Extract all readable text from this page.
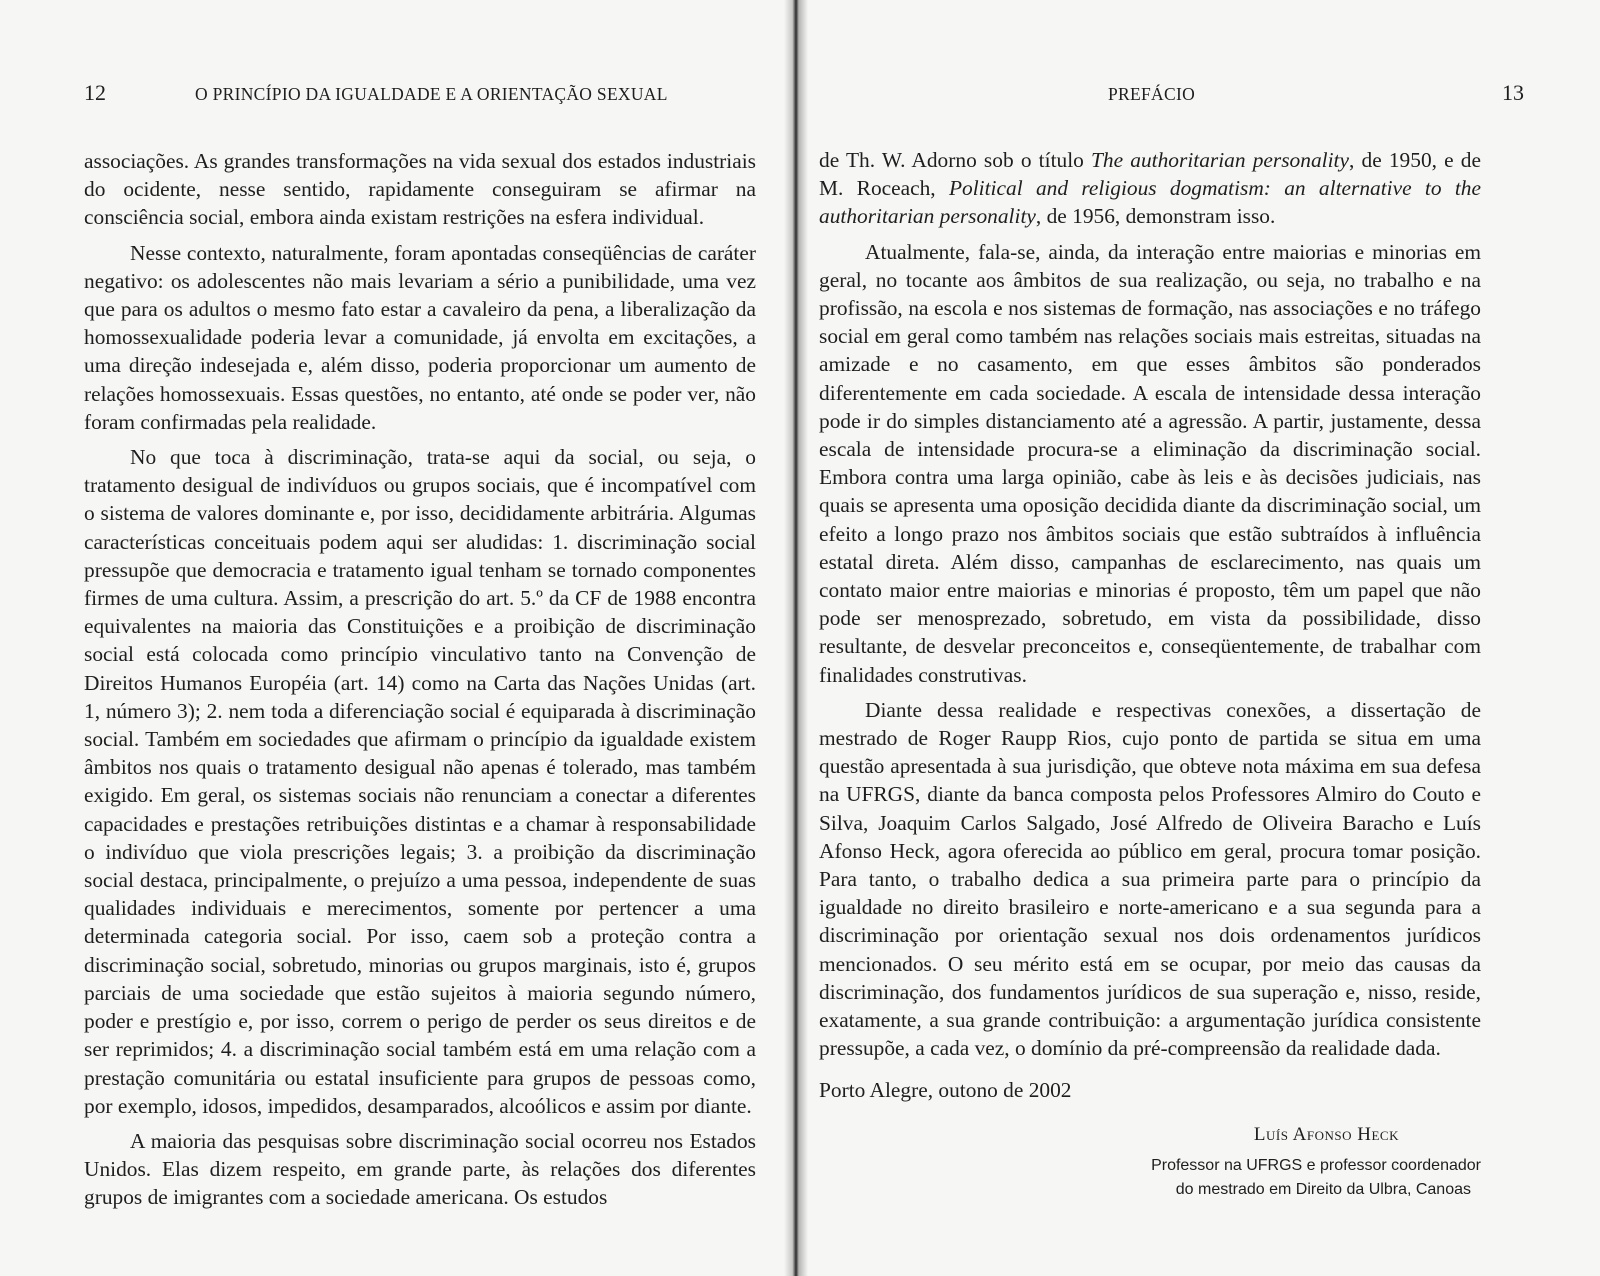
12	O PRINCÍPIO DA IGUALDADE E A ORIENTAÇÃO SEXUAL

associações. As grandes transformações na vida sexual dos estados industriais do ocidente, nesse sentido, rapidamente conseguiram se afirmar na consciência social, embora ainda existam restrições na esfera individual.

Nesse contexto, naturalmente, foram apontadas conseqüências de caráter negativo: os adolescentes não mais levariam a sério a punibilidade, uma vez que para os adultos o mesmo fato estar a cavaleiro da pena, a liberalização da homossexualidade poderia levar a comunidade, já envolta em excitações, a uma direção indesejada e, além disso, poderia proporcionar um aumento de relações homossexuais. Essas questões, no entanto, até onde se poder ver, não foram confirmadas pela realidade.

No que toca à discriminação, trata-se aqui da social, ou seja, o tratamento desigual de indivíduos ou grupos sociais, que é incompatível com o sistema de valores dominante e, por isso, decididamente arbitrária. Algumas características conceituais podem aqui ser aludidas: 1. discriminação social pressupõe que democracia e tratamento igual tenham se tornado componentes firmes de uma cultura. Assim, a prescrição do art. 5.º da CF de 1988 encontra equivalentes na maioria das Constituições e a proibição de discriminação social está colocada como princípio vinculativo tanto na Convenção de Direitos Humanos Européia (art. 14) como na Carta das Nações Unidas (art. 1, número 3); 2. nem toda a diferenciação social é equiparada à discriminação social. Também em sociedades que afirmam o princípio da igualdade existem âmbitos nos quais o tratamento desigual não apenas é tolerado, mas também exigido. Em geral, os sistemas sociais não renunciam a conectar a diferentes capacidades e prestações retribuições distintas e a chamar à responsabilidade o indivíduo que viola prescrições legais; 3. a proibição da discriminação social destaca, principalmente, o prejuízo a uma pessoa, independente de suas qualidades individuais e merecimentos, somente por pertencer a uma determinada categoria social. Por isso, caem sob a proteção contra a discriminação social, sobretudo, minorias ou grupos marginais, isto é, grupos parciais de uma sociedade que estão sujeitos à maioria segundo número, poder e prestígio e, por isso, correm o perigo de perder os seus direitos e de ser reprimidos; 4. a discriminação social também está em uma relação com a prestação comunitária ou estatal insuficiente para grupos de pessoas como, por exemplo, idosos, impedidos, desamparados, alcoólicos e assim por diante.

A maioria das pesquisas sobre discriminação social ocorreu nos Estados Unidos. Elas dizem respeito, em grande parte, às relações dos diferentes grupos de imigrantes com a sociedade americana. Os estudos

PREFÁCIO	13

de Th. W. Adorno sob o título The authoritarian personality, de 1950, e de M. Roceach, Political and religious dogmatism: an alternative to the authoritarian personality, de 1956, demonstram isso.

Atualmente, fala-se, ainda, da interação entre maiorias e minorias em geral, no tocante aos âmbitos de sua realização, ou seja, no trabalho e na profissão, na escola e nos sistemas de formação, nas associações e no tráfego social em geral como também nas relações sociais mais estreitas, situadas na amizade e no casamento, em que esses âmbitos são ponderados diferentemente em cada sociedade. A escala de intensidade dessa interação pode ir do simples distanciamento até a agressão. A partir, justamente, dessa escala de intensidade procura-se a eliminação da discriminação social. Embora contra uma larga opinião, cabe às leis e às decisões judiciais, nas quais se apresenta uma oposição decidida diante da discriminação social, um efeito a longo prazo nos âmbitos sociais que estão subtraídos à influência estatal direta. Além disso, campanhas de esclarecimento, nas quais um contato maior entre maiorias e minorias é proposto, têm um papel que não pode ser menosprezado, sobretudo, em vista da possibilidade, disso resultante, de desvelar preconceitos e, conseqüentemente, de trabalhar com finalidades construtivas.

Diante dessa realidade e respectivas conexões, a dissertação de mestrado de Roger Raupp Rios, cujo ponto de partida se situa em uma questão apresentada à sua jurisdição, que obteve nota máxima em sua defesa na UFRGS, diante da banca composta pelos Professores Almiro do Couto e Silva, Joaquim Carlos Salgado, José Alfredo de Oliveira Baracho e Luís Afonso Heck, agora oferecida ao público em geral, procura tomar posição. Para tanto, o trabalho dedica a sua primeira parte para o princípio da igualdade no direito brasileiro e norte-americano e a sua segunda para a discriminação por orientação sexual nos dois ordenamentos jurídicos mencionados. O seu mérito está em se ocupar, por meio das causas da discriminação, dos fundamentos jurídicos de sua superação e, nisso, reside, exatamente, a sua grande contribuição: a argumentação jurídica consistente pressupõe, a cada vez, o domínio da pré-compreensão da realidade dada.

Porto Alegre, outono de 2002

Luís Afonso Heck
Professor na UFRGS e professor coordenador
do mestrado em Direito da Ulbra, Canoas
